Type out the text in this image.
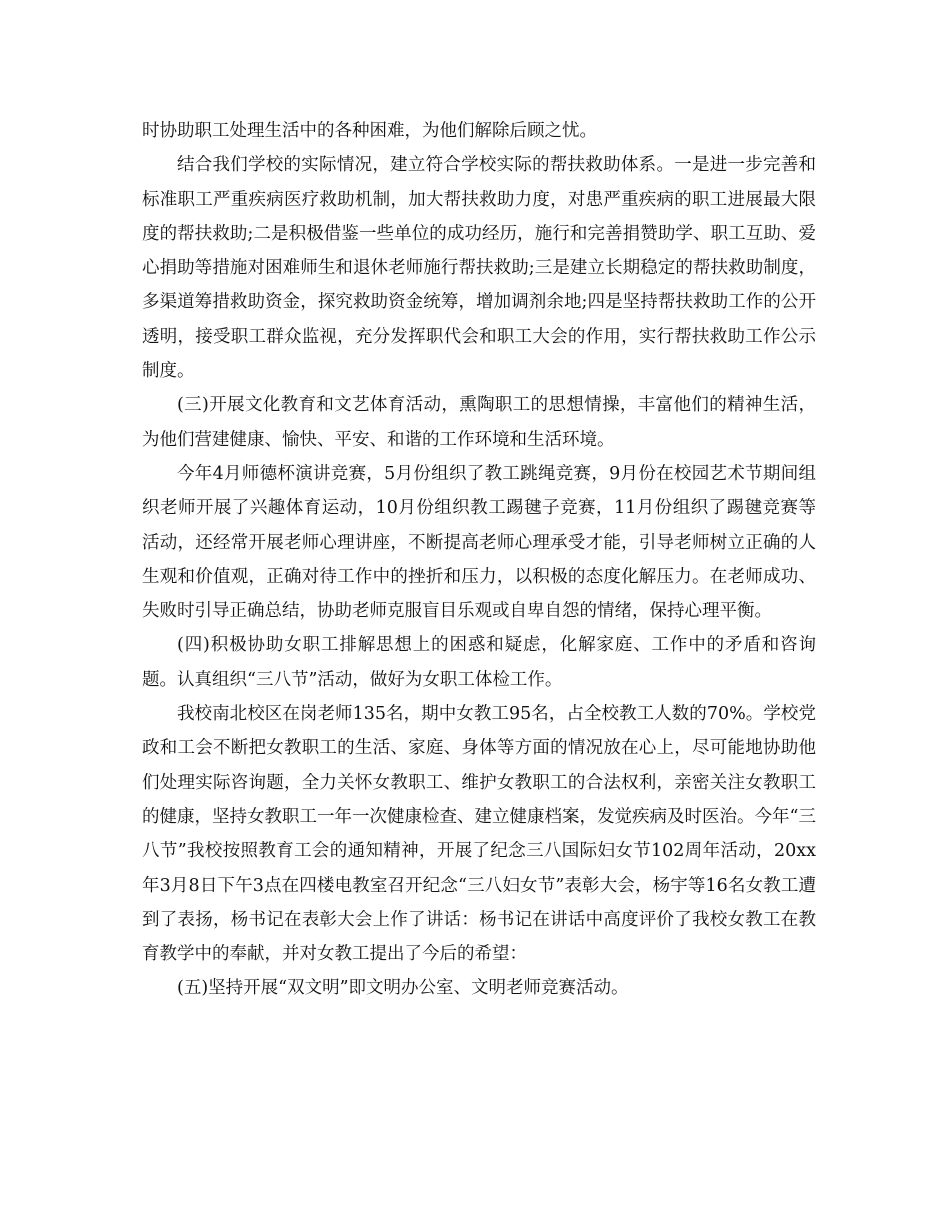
时协助职工处理生活中的各种困难，为他们解除后顾之忧。

结合我们学校的实际情况，建立符合学校实际的帮扶救助体系。一是进一步完善和标准职工严重疾病医疗救助机制，加大帮扶救助力度，对患严重疾病的职工进展最大限度的帮扶救助;二是积极借鉴一些单位的成功经历，施行和完善捐赞助学、职工互助、爱心捐助等措施对困难师生和退休老师施行帮扶救助;三是建立长期稳定的帮扶救助制度，多渠道筹措救助资金，探究救助资金统筹，增加调剂余地;四是坚持帮扶救助工作的公开透明，接受职工群众监视，充分发挥职代会和职工大会的作用，实行帮扶救助工作公示制度。

(三)开展文化教育和文艺体育活动，熏陶职工的思想情操，丰富他们的精神生活，为他们营建健康、愉快、平安、和谐的工作环境和生活环境。

今年4月师德杯演讲竞赛，5月份组织了教工跳绳竞赛，9月份在校园艺术节期间组织老师开展了兴趣体育运动，10月份组织教工踢毽子竞赛，11月份组织了踢毽竞赛等活动，还经常开展老师心理讲座，不断提高老师心理承受才能，引导老师树立正确的人生观和价值观，正确对待工作中的挫折和压力，以积极的态度化解压力。在老师成功、失败时引导正确总结，协助老师克服盲目乐观或自卑自怨的情绪，保持心理平衡。

(四)积极协助女职工排解思想上的困惑和疑虑，化解家庭、工作中的矛盾和咨询题。认真组织“三八节”活动，做好为女职工体检工作。

我校南北校区在岗老师135名，期中女教工95名，占全校教工人数的70%。学校党政和工会不断把女教职工的生活、家庭、身体等方面的情况放在心上，尽可能地协助他们处理实际咨询题，全力关怀女教职工、维护女教职工的合法权利，亲密关注女教职工的健康，坚持女教职工一年一次健康检查、建立健康档案，发觉疾病及时医治。今年“三八节”我校按照教育工会的通知精神，开展了纪念三八国际妇女节102周年活动，20xx年3月8日下午3点在四楼电教室召开纪念“三八妇女节”表彰大会，杨宇等16名女教工遭到了表扬，杨书记在表彰大会上作了讲话：杨书记在讲话中高度评价了我校女教工在教育教学中的奉献，并对女教工提出了今后的希望：

(五)坚持开展“双文明”即文明办公室、文明老师竞赛活动。
